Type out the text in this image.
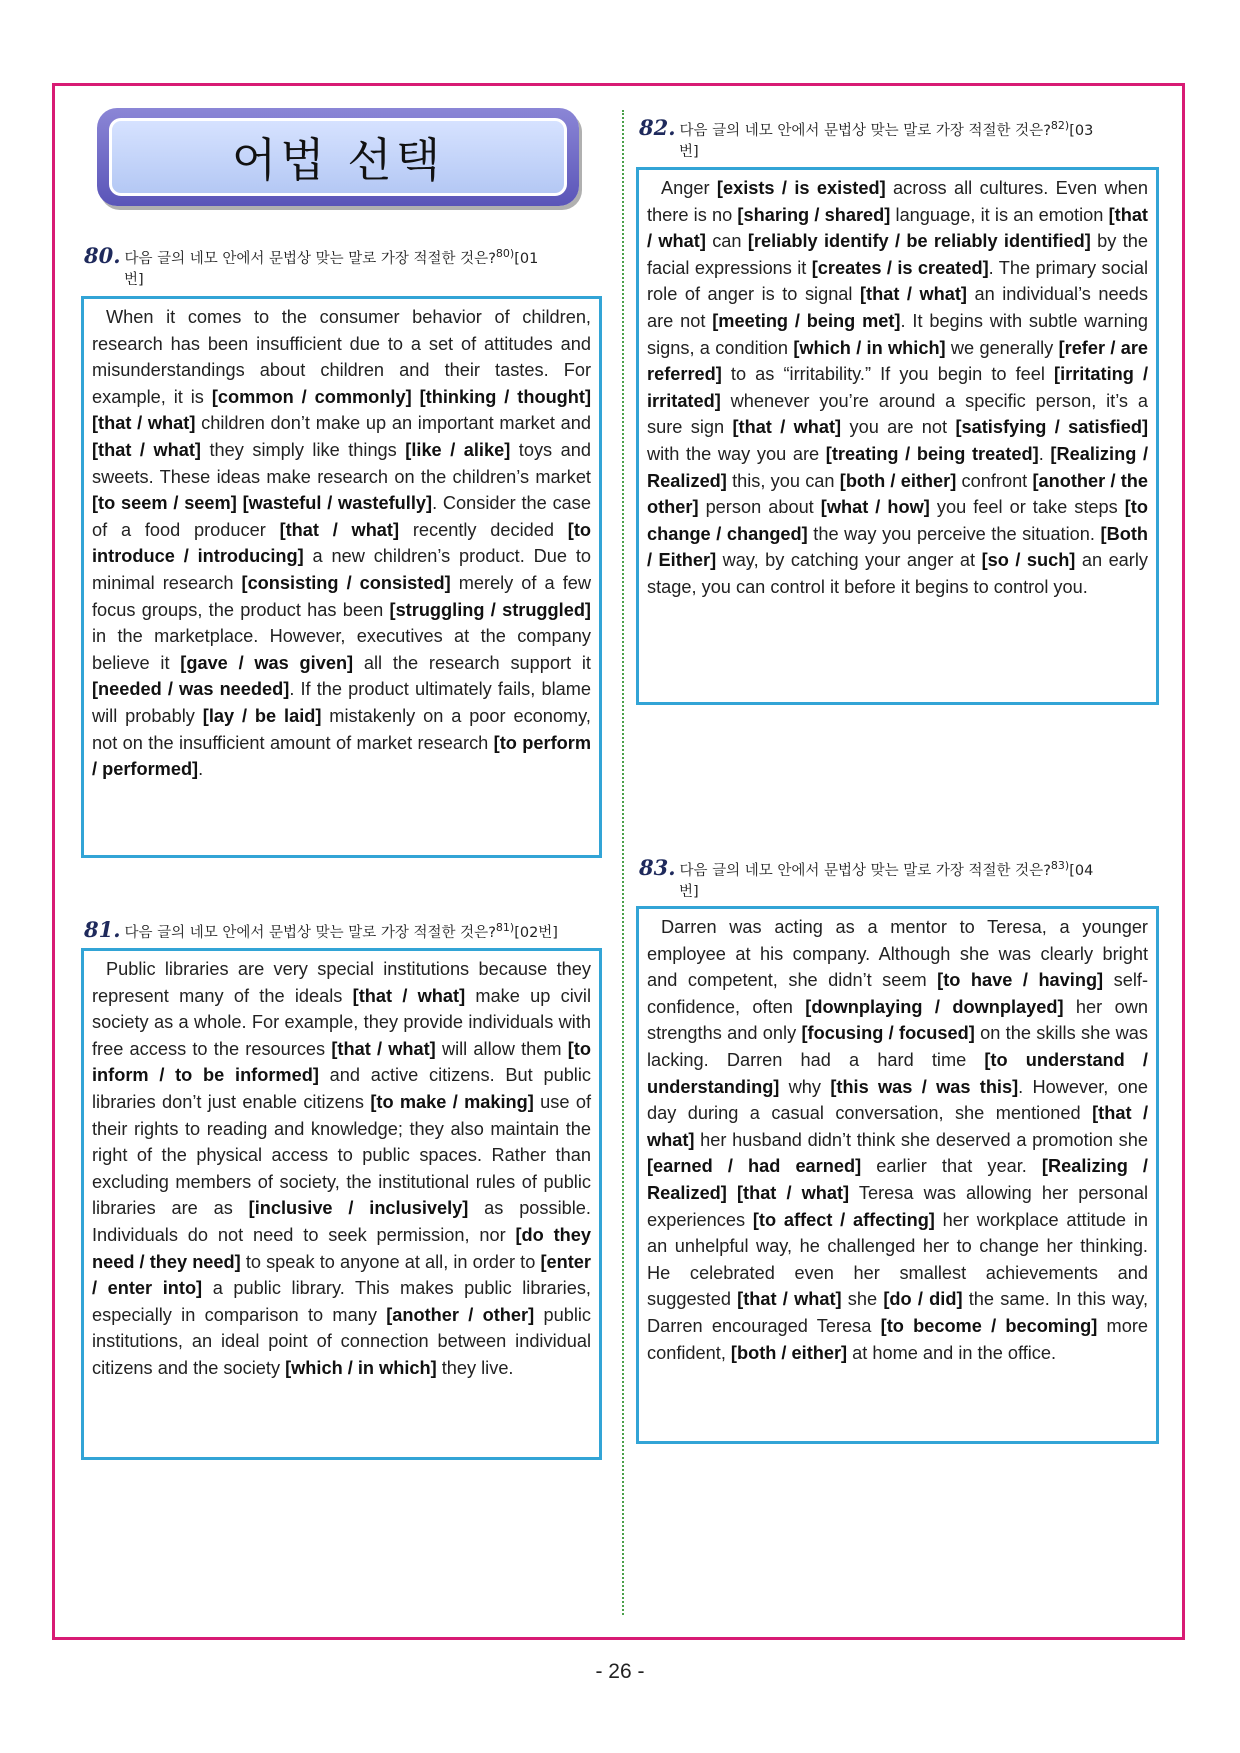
어법 선택
80. 다음 글의 네모 안에서 문법상 맞는 말로 가장 적절한 것은?$^{80)}$[01
번]

When it comes to the consumer behavior of children, research has been insufficient due to a set of attitudes and misunderstandings about children and their tastes. For example, it is [common / commonly] [thinking / thought] [that / what] children don’t make up an important market and [that / what] they simply like things [like / alike] toys and sweets. These ideas make research on the children’s market [to seem / seem] [wasteful / wastefully]. Consider the case of a food producer [that / what] recently decided [to introduce / introducing] a new children’s product. Due to minimal research [consisting / consisted] merely of a few focus groups, the product has been [struggling / struggled] in the marketplace. However, executives at the company believe it [gave / was given] all the research support it [needed / was needed]. If the product ultimately fails, blame will probably [lay / be laid] mistakenly on a poor economy, not on the insufficient amount of market research [to perform / performed].

81. 다음 글의 네모 안에서 문법상 맞는 말로 가장 적절한 것은?$^{81)}$[02번]

Public libraries are very special institutions because they represent many of the ideals [that / what] make up civil society as a whole. For example, they provide individuals with free access to the resources [that / what] will allow them [to inform / to be informed] and active citizens. But public libraries don’t just enable citizens [to make / making] use of their rights to reading and knowledge; they also maintain the right of the physical access to public spaces. Rather than excluding members of society, the institutional rules of public libraries are as [inclusive / inclusively] as possible. Individuals do not need to seek permission, nor [do they need / they need] to speak to anyone at all, in order to [enter / enter into] a public library. This makes public libraries, especially in comparison to many [another / other] public institutions, an ideal point of connection between individual citizens and the society [which / in which] they live.

82. 다음 글의 네모 안에서 문법상 맞는 말로 가장 적절한 것은?$^{82)}$[03
번]

Anger [exists / is existed] across all cultures. Even when there is no [sharing / shared] language, it is an emotion [that / what] can [reliably identify / be reliably identified] by the facial expressions it [creates / is created]. The primary social role of anger is to signal [that / what] an individual’s needs are not [meeting / being met]. It begins with subtle warning signs, a condition [which / in which] we generally [refer / are referred] to as “irritability.” If you begin to feel [irritating / irritated] whenever you’re around a specific person, it’s a sure sign [that / what] you are not [satisfying / satisfied] with the way you are [treating / being treated]. [Realizing / Realized] this, you can [both / either] confront [another / the other] person about [what / how] you feel or take steps [to change / changed] the way you perceive the situation. [Both / Either] way, by catching your anger at [so / such] an early stage, you can control it before it begins to control you.

83. 다음 글의 네모 안에서 문법상 맞는 말로 가장 적절한 것은?$^{83)}$[04
번]

Darren was acting as a mentor to Teresa, a younger employee at his company. Although she was clearly bright and competent, she didn’t seem [to have / having] self-confidence, often [downplaying / downplayed] her own strengths and only [focusing / focused] on the skills she was lacking. Darren had a hard time [to understand / understanding] why [this was / was this]. However, one day during a casual conversation, she mentioned [that / what] her husband didn’t think she deserved a promotion she [earned / had earned] earlier that year. [Realizing / Realized] [that / what] Teresa was allowing her personal experiences [to affect / affecting] her workplace attitude in an unhelpful way, he challenged her to change her thinking. He celebrated even her smallest achievements and suggested [that / what] she [do / did] the same. In this way, Darren encouraged Teresa [to become / becoming] more confident, [both / either] at home and in the office.

- 26 -
